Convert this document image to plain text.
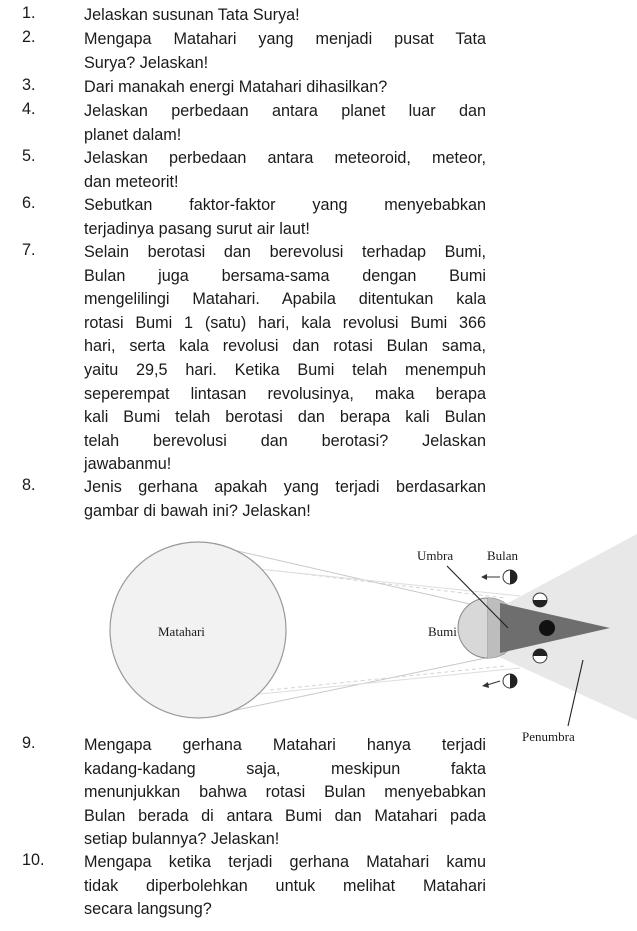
1.	Jelaskan susunan Tata Surya!
2.	Mengapa Matahari yang menjadi pusat Tata
Surya? Jelaskan!
3.	Dari manakah energi Matahari dihasilkan?
4.	Jelaskan perbedaan antara planet luar dan
planet dalam!
5.	Jelaskan perbedaan antara meteoroid, meteor,
dan meteorit!
6.	Sebutkan faktor-faktor yang menyebabkan
terjadinya pasang surut air laut!
7.	Selain berotasi dan berevolusi terhadap Bumi,
Bulan juga bersama-sama dengan Bumi
mengelilingi Matahari. Apabila ditentukan kala
rotasi Bumi 1 (satu) hari, kala revolusi Bumi 366
hari, serta kala revolusi dan rotasi Bulan sama,
yaitu 29,5 hari. Ketika Bumi telah menempuh
seperempat lintasan revolusinya, maka berapa
kali Bumi telah berotasi dan berapa kali Bulan
telah berevolusi dan berotasi? Jelaskan
jawabanmu!
8.	Jenis gerhana apakah yang terjadi berdasarkan
gambar di bawah ini? Jelaskan!
9.	Mengapa gerhana Matahari hanya terjadi
kadang-kadang saja, meskipun fakta
menunjukkan bahwa rotasi Bulan menyebabkan
Bulan berada di antara Bumi dan Matahari pada
setiap bulannya? Jelaskan!
10.	Mengapa ketika terjadi gerhana Matahari kamu
tidak diperbolehkan untuk melihat Matahari
secara langsung?
Matahari	Bumi
Umbra	Bulan
Penumbra
